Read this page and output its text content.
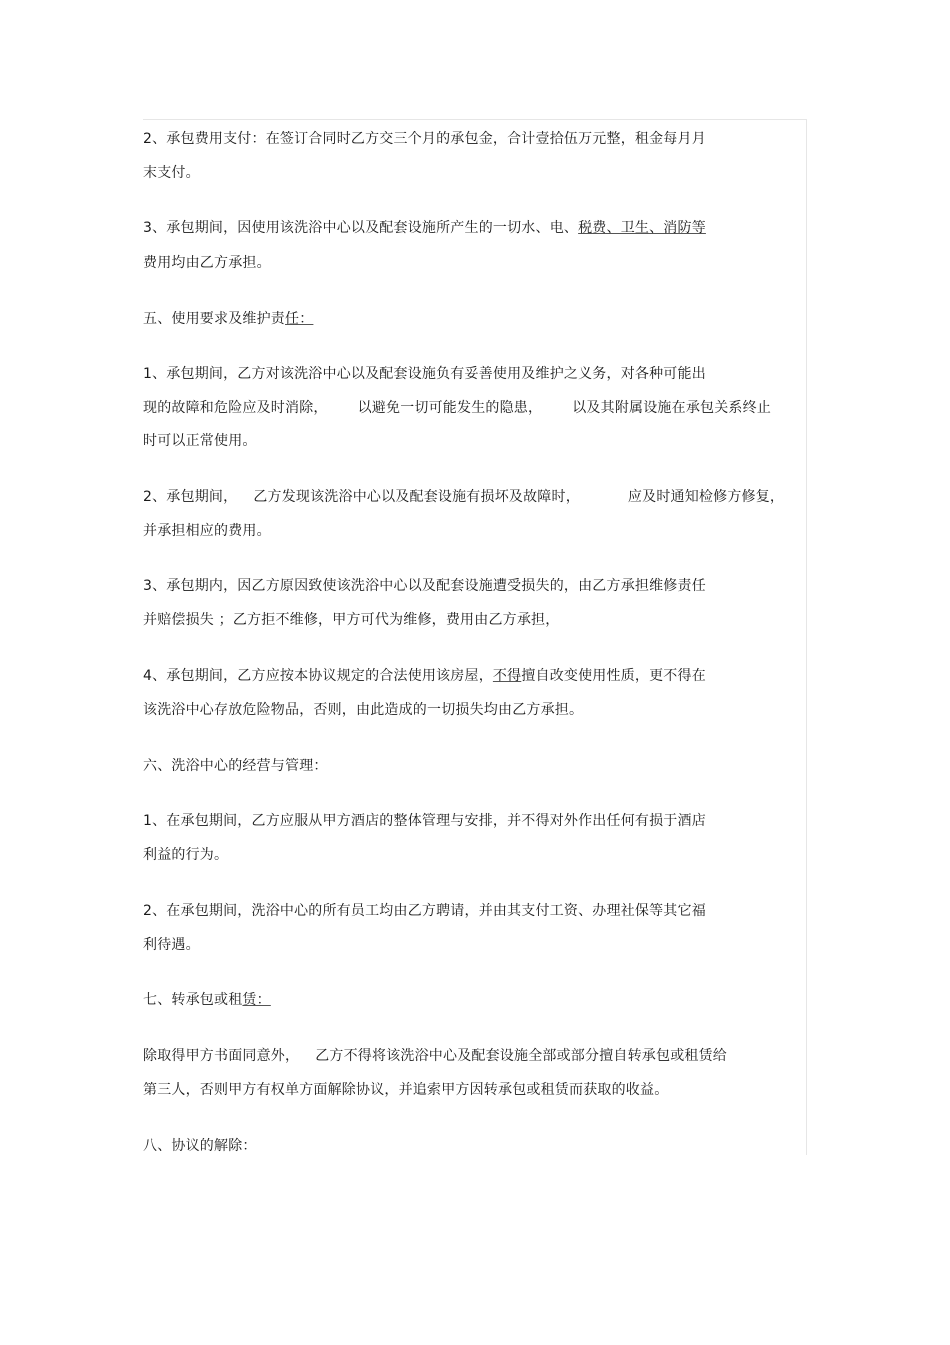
2、承包费用支付：在签订合同时乙方交三个月的承包金，合计壹拾伍万元整，租金每月月
末支付。
3、承包期间，因使用该洗浴中心以及配套设施所产生的一切水、电、税费、卫生、消防等
费用均由乙方承担。
五、使用要求及维护责任：
1、承包期间，乙方对该洗浴中心以及配套设施负有妥善使用及维护之义务，对各种可能出
现的故障和危险应及时消除， 以避免一切可能发生的隐患， 以及其附属设施在承包关系终止
时可以正常使用。
2、承包期间， 乙方发现该洗浴中心以及配套设施有损坏及故障时，	应及时通知检修方修复，
并承担相应的费用。
3、承包期内，因乙方原因致使该洗浴中心以及配套设施遭受损失的，由乙方承担维修责任
并赔偿损失 ；乙方拒不维修，甲方可代为维修，费用由乙方承担，
4、承包期间，乙方应按本协议规定的合法使用该房屋，不得擅自改变使用性质，更不得在
该洗浴中心存放危险物品，否则，由此造成的一切损失均由乙方承担。
六、洗浴中心的经营与管理：
1、在承包期间，乙方应服从甲方酒店的整体管理与安排，并不得对外作出任何有损于酒店
利益的行为。
2、在承包期间，洗浴中心的所有员工均由乙方聘请，并由其支付工资、办理社保等其它福
利待遇。
七、转承包或租赁：
除取得甲方书面同意外， 乙方不得将该洗浴中心及配套设施全部或部分擅自转承包或租赁给
第三人，否则甲方有权单方面解除协议，并追索甲方因转承包或租赁而获取的收益。
八、协议的解除：
